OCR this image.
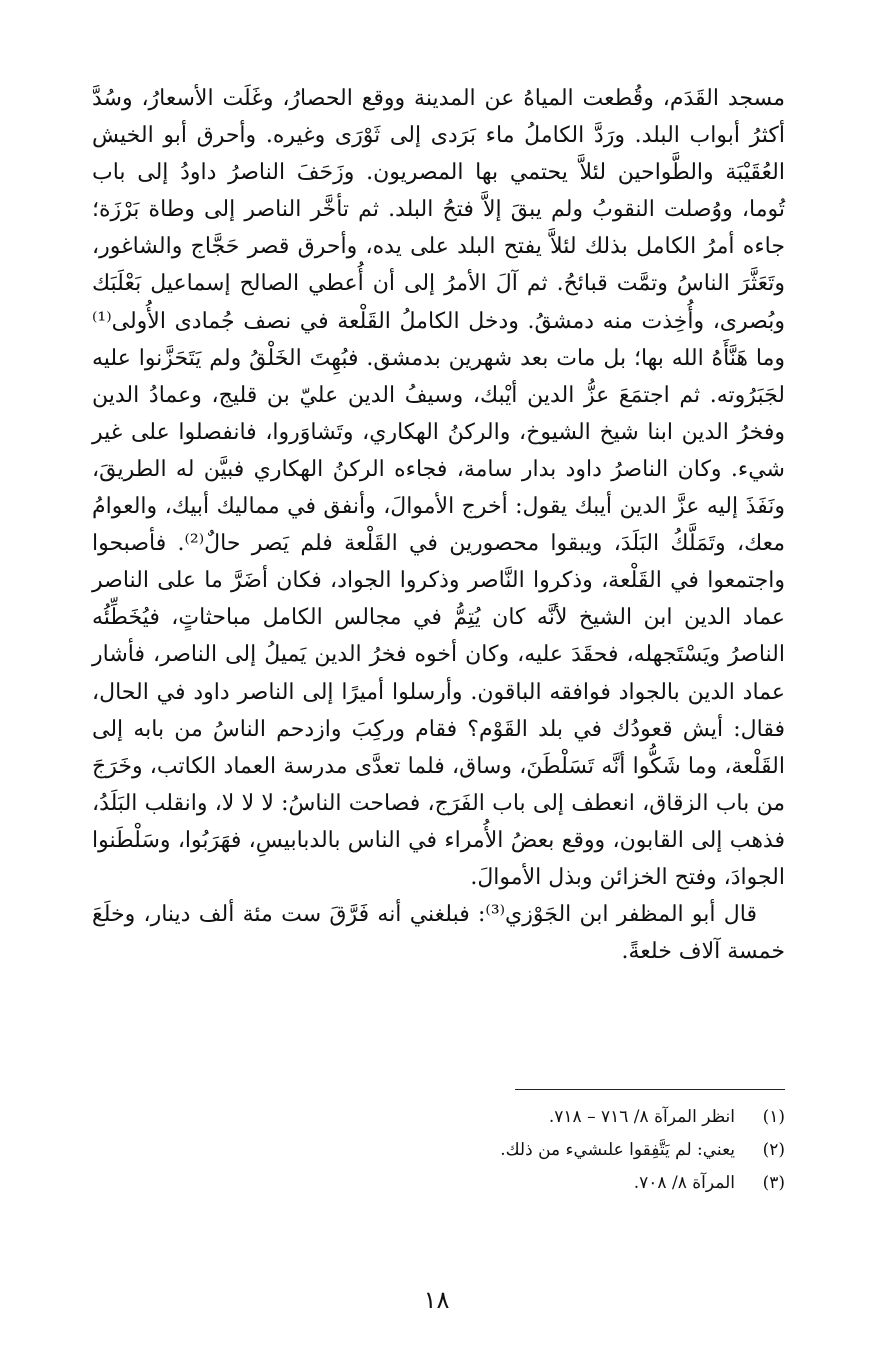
مسجد القَدَم، وقُطعت المياهُ عن المدينة ووقع الحصارُ، وغَلَت الأسعارُ، وسُدَّ أكثرُ أبواب البلد. ورَدَّ الكاملُ ماء بَرَدى إلى ثَوْرَى وغيره. وأحرق أبو الخيش العُقَيْبَة والطَّواحين لئلاَّ يحتمي بها المصريون. وزَحَفَ الناصرُ داودُ إلى باب تُوما، ووُصلت النقوبُ ولم يبقَ إلاَّ فتحُ البلد. ثم تأخَّر الناصر إلى وطاة بَرْزَة؛ جاءه أمرُ الكامل بذلك لئلاَّ يفتح البلد على يده، وأحرق قصر حَجَّاج والشاغور، وتَعَثَّرَ الناسُ وتمَّت قبائحُ. ثم آلَ الأمرُ إلى أن أُعطي الصالح إسماعيل بَعْلَبَك وبُصرى، وأُخِذت منه دمشقُ. ودخل الكاملُ القَلْعة في نصف جُمادى الأُولى⁽¹⁾ وما هَنَّأَهُ الله بها؛ بل مات بعد شهرين بدمشق. فبُهِتَ الخَلْقُ ولم يَتَحَزَّنوا عليه لجَبَرُوته. ثم اجتمَعَ عزُّ الدين أيْبك، وسيفُ الدين عليّ بن قليج، وعمادُ الدين وفخرُ الدين ابنا شيخ الشيوخ، والركنُ الهكاري، وتَشاوَروا، فانفصلوا على غير شيء. وكان الناصرُ داود بدار سامة، فجاءه الركنُ الهكاري فبيَّن له الطريقَ، ونَفَذَ إليه عزَّ الدين أيبك يقول: أخرج الأموالَ، وأنفق في مماليك أبيك، والعوامُ معك، وتَمَلَّكُ البَلَدَ، ويبقوا محصورين في القَلْعة فلم يَصر حالٌ⁽²⁾. فأصبحوا واجتمعوا في القَلْعة، وذكروا النَّاصر وذكروا الجواد، فكان أضَرَّ ما على الناصر عماد الدين ابن الشيخ لأنَّه كان يُتِمُّ في مجالس الكامل مباحثاتٍ، فيُخَطِّئُه الناصرُ ويَسْتَجهله، فحقَدَ عليه، وكان أخوه فخرُ الدين يَميلُ إلى الناصر، فأشار عماد الدين بالجواد فوافقه الباقون. وأرسلوا أميرًا إلى الناصر داود في الحال، فقال: أيش قعودُك في بلد القَوْم؟ فقام وركِبَ وازدحم الناسُ من بابه إلى القَلْعة، وما شَكُّوا أنَّه تَسَلْطَنَ، وساق، فلما تعدَّى مدرسة العماد الكاتب، وخَرَجَ من باب الزقاق، انعطف إلى باب الفَرَج، فصاحت الناسُ: لا لا لا، وانقلب البَلَدُ، فذهب إلى القابون، ووقع بعضُ الأُمراء في الناس بالدبابيسِ، فهَرَبُوا، وسَلْطَنوا الجوادَ، وفتح الخزائن وبذل الأموالَ.

قال أبو المظفر ابن الجَوْزي⁽³⁾: فبلغني أنه فَرَّقَ ست مئة ألف دينار، وخلَعَ خمسة آلاف خلعةً.

(١)
انظر المرآة ٨/ ٧١٦ – ٧١٨.
(٢)
يعني: لم يَتَّفِقوا علىشيء من ذلك.
(٣)
المرآة ٨/ ٧٠٨.
١٨
